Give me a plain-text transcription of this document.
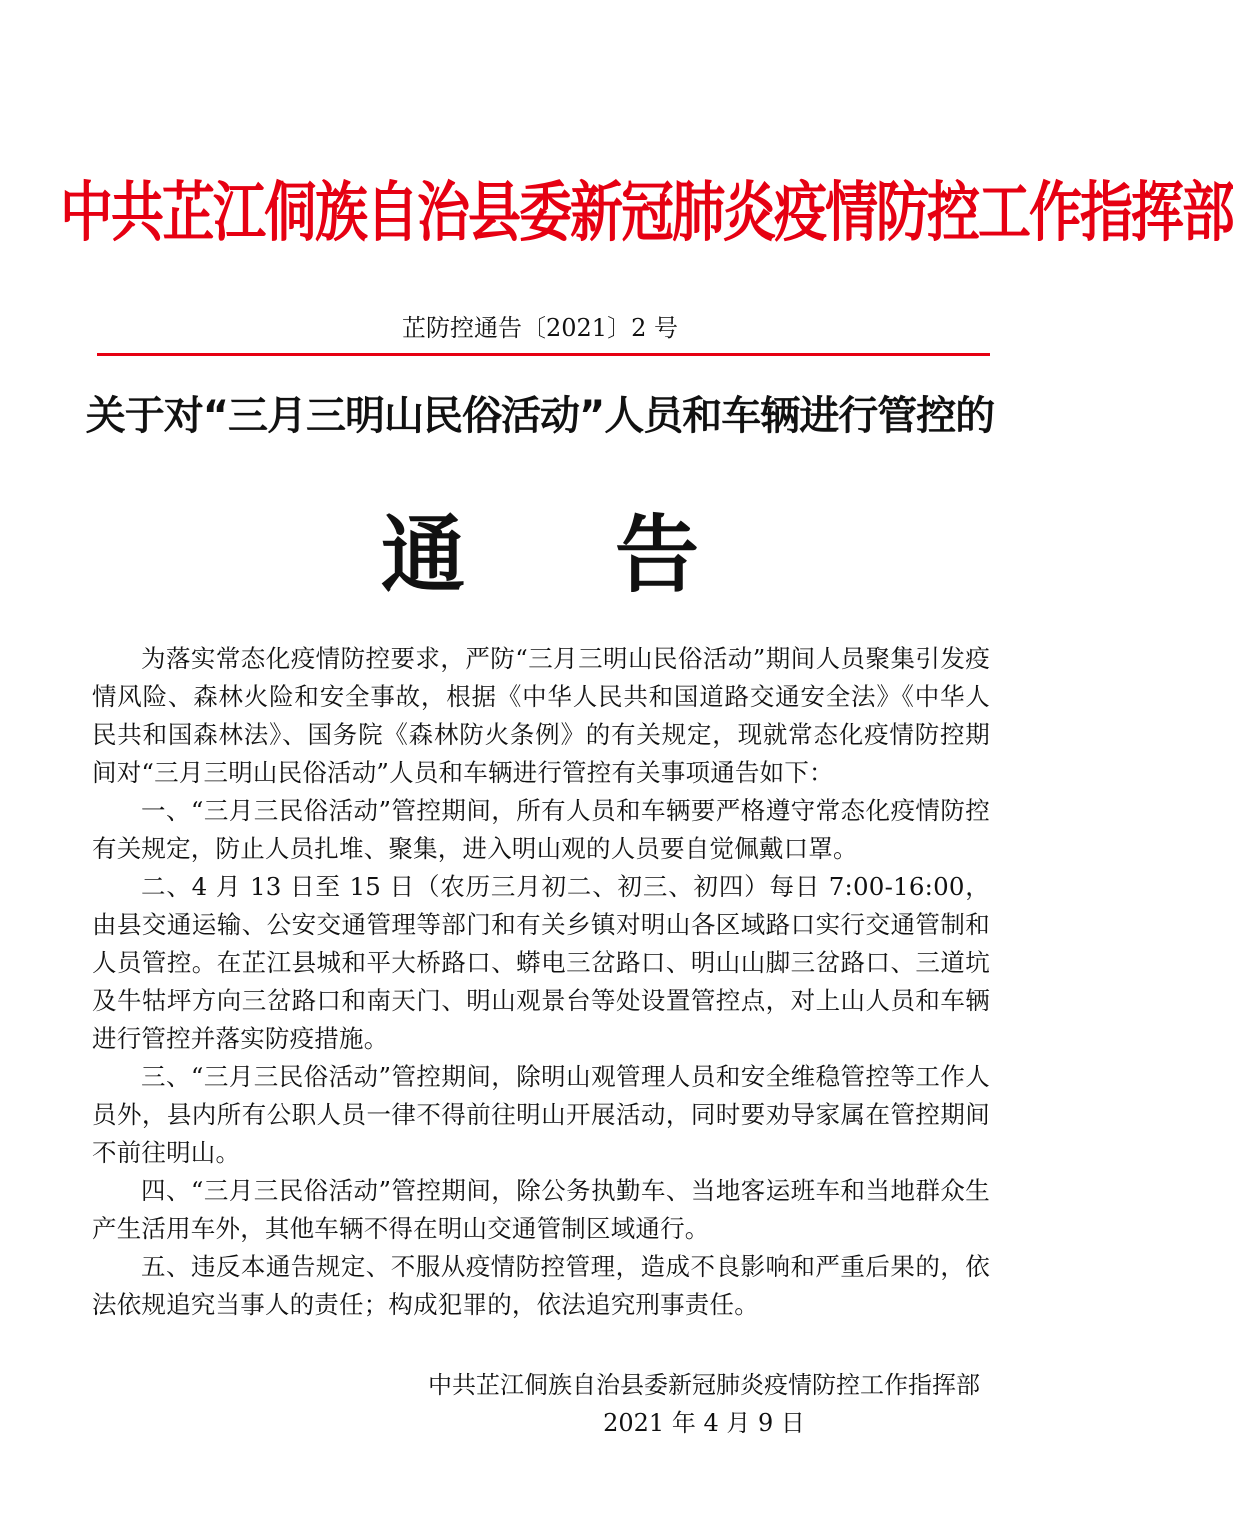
中共芷江侗族自治县委新冠肺炎疫情防控工作指挥部
芷防控通告〔2021〕2 号
关于对“三月三明山民俗活动”人员和车辆进行管控的
通 告

为落实常态化疫情防控要求，严防“三月三明山民俗活动”期间人员聚集引发疫情风险、森林火险和安全事故，根据《中华人民共和国道路交通安全法》《中华人民共和国森林法》、国务院《森林防火条例》的有关规定，现就常态化疫情防控期间对“三月三明山民俗活动”人员和车辆进行管控有关事项通告如下：

一、“三月三民俗活动”管控期间，所有人员和车辆要严格遵守常态化疫情防控有关规定，防止人员扎堆、聚集，进入明山观的人员要自觉佩戴口罩。

二、4 月 13 日至 15 日（农历三月初二、初三、初四）每日 7:00-16:00，由县交通运输、公安交通管理等部门和有关乡镇对明山各区域路口实行交通管制和人员管控。在芷江县城和平大桥路口、蟒电三岔路口、明山山脚三岔路口、三道坑及牛牯坪方向三岔路口和南天门、明山观景台等处设置管控点，对上山人员和车辆进行管控并落实防疫措施。

三、“三月三民俗活动”管控期间，除明山观管理人员和安全维稳管控等工作人员外，县内所有公职人员一律不得前往明山开展活动，同时要劝导家属在管控期间不前往明山。

四、“三月三民俗活动”管控期间，除公务执勤车、当地客运班车和当地群众生产生活用车外，其他车辆不得在明山交通管制区域通行。

五、违反本通告规定、不服从疫情防控管理，造成不良影响和严重后果的，依法依规追究当事人的责任；构成犯罪的，依法追究刑事责任。

中共芷江侗族自治县委新冠肺炎疫情防控工作指挥部
2021 年 4 月 9 日
